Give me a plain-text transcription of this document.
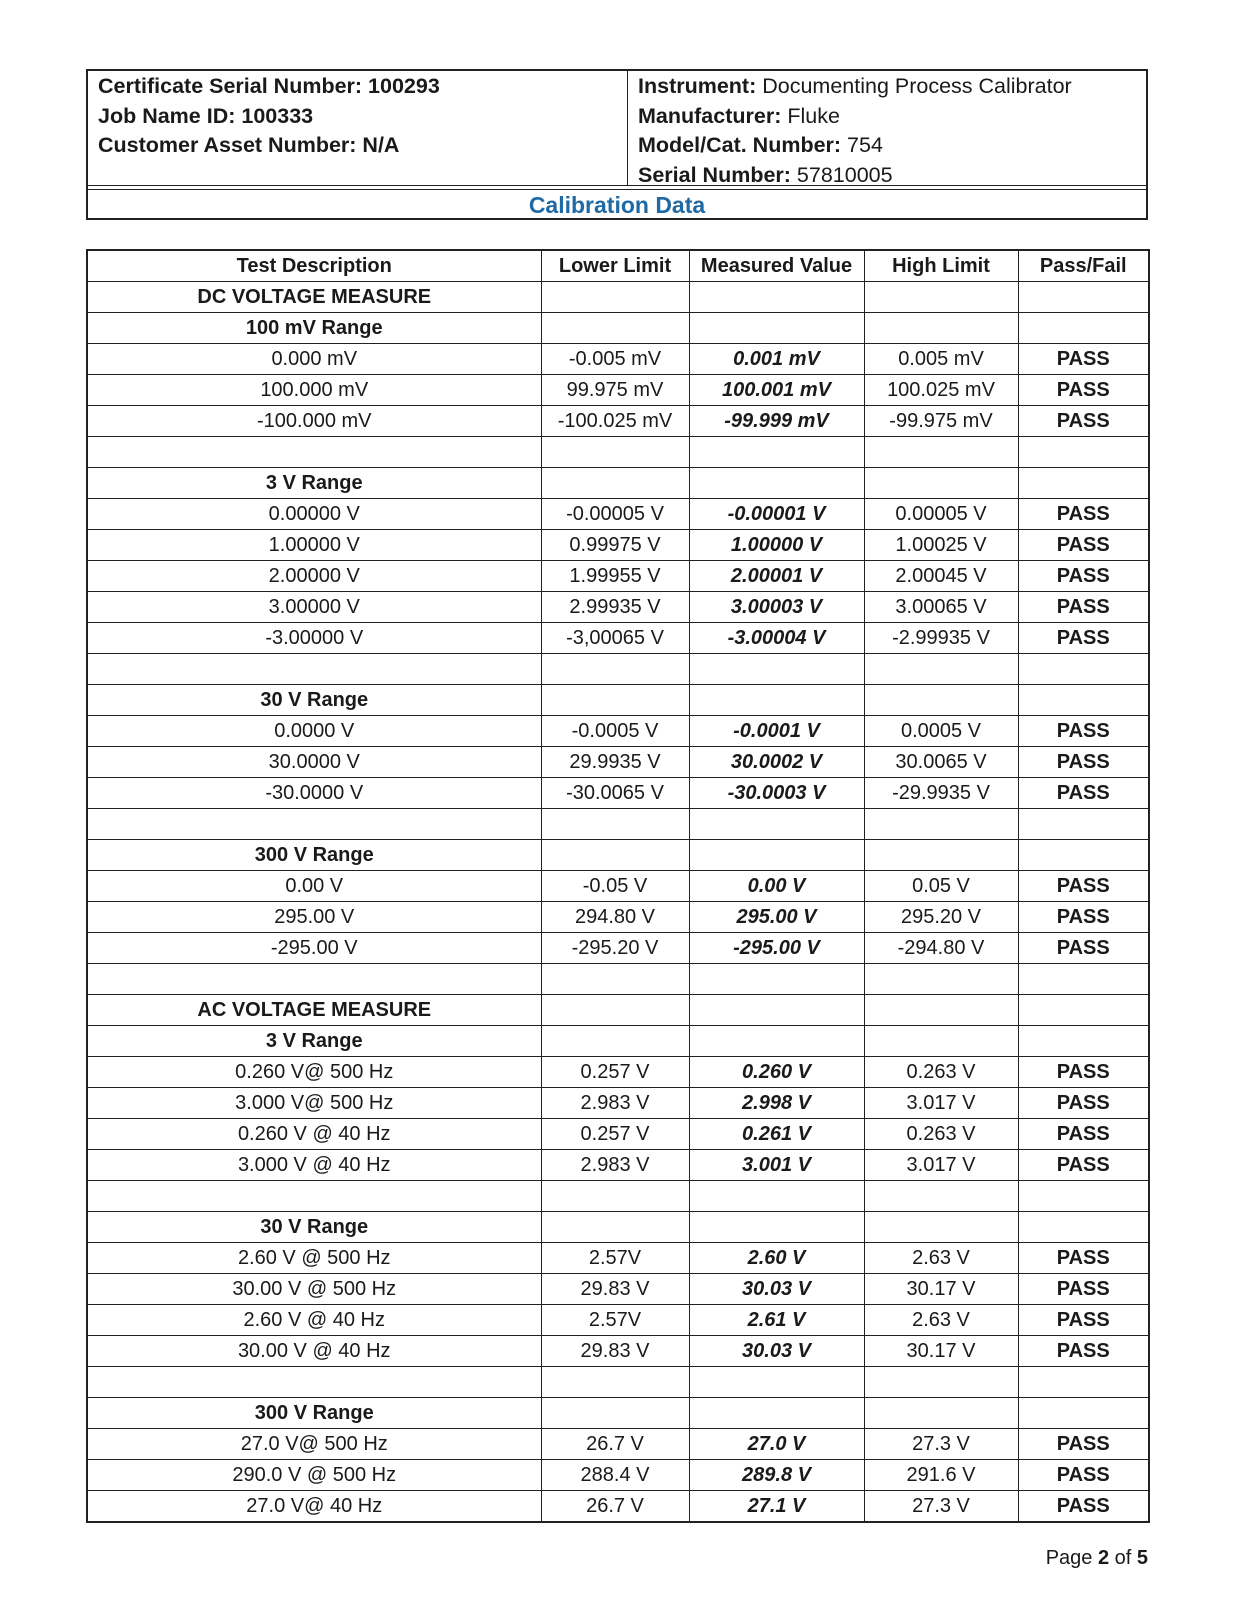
Certificate Serial Number: 100293
Job Name ID: 100333
Customer Asset Number: N/A
Instrument: Documenting Process Calibrator
Manufacturer: Fluke
Model/Cat. Number: 754
Serial Number: 57810005
Calibration Data
Test Description	Lower Limit	Measured Value	High Limit	Pass/Fail
DC VOLTAGE MEASURE				
100 mV Range				
0.000 mV	-0.005 mV	0.001 mV	0.005 mV	PASS
100.000 mV	99.975 mV	100.001 mV	100.025 mV	PASS
-100.000 mV	-100.025 mV	-99.999 mV	-99.975 mV	PASS

3 V Range				
0.00000 V	-0.00005 V	-0.00001 V	0.00005 V	PASS
1.00000 V	0.99975 V	1.00000 V	1.00025 V	PASS
2.00000 V	1.99955 V	2.00001 V	2.00045 V	PASS
3.00000 V	2.99935 V	3.00003 V	3.00065 V	PASS
-3.00000 V	-3,00065 V	-3.00004 V	-2.99935 V	PASS

30 V Range				
0.0000 V	-0.0005 V	-0.0001 V	0.0005 V	PASS
30.0000 V	29.9935 V	30.0002 V	30.0065 V	PASS
-30.0000 V	-30.0065 V	-30.0003 V	-29.9935 V	PASS

300 V Range				
0.00 V	-0.05 V	0.00 V	0.05 V	PASS
295.00 V	294.80 V	295.00 V	295.20 V	PASS
-295.00 V	-295.20 V	-295.00 V	-294.80 V	PASS

AC VOLTAGE MEASURE				
3 V Range				
0.260 V@ 500 Hz	0.257 V	0.260 V	0.263 V	PASS
3.000 V@ 500 Hz	2.983 V	2.998 V	3.017 V	PASS
0.260 V @ 40 Hz	0.257 V	0.261 V	0.263 V	PASS
3.000 V @ 40 Hz	2.983 V	3.001 V	3.017 V	PASS

30 V Range				
2.60 V @ 500 Hz	2.57V	2.60 V	2.63 V	PASS
30.00 V @ 500 Hz	29.83 V	30.03 V	30.17 V	PASS
2.60 V @ 40 Hz	2.57V	2.61 V	2.63 V	PASS
30.00 V @ 40 Hz	29.83 V	30.03 V	30.17 V	PASS

300 V Range				
27.0 V@ 500 Hz	26.7 V	27.0 V	27.3 V	PASS
290.0 V @ 500 Hz	288.4 V	289.8 V	291.6 V	PASS
27.0 V@ 40 Hz	26.7 V	27.1 V	27.3 V	PASS
Page 2 of 5
